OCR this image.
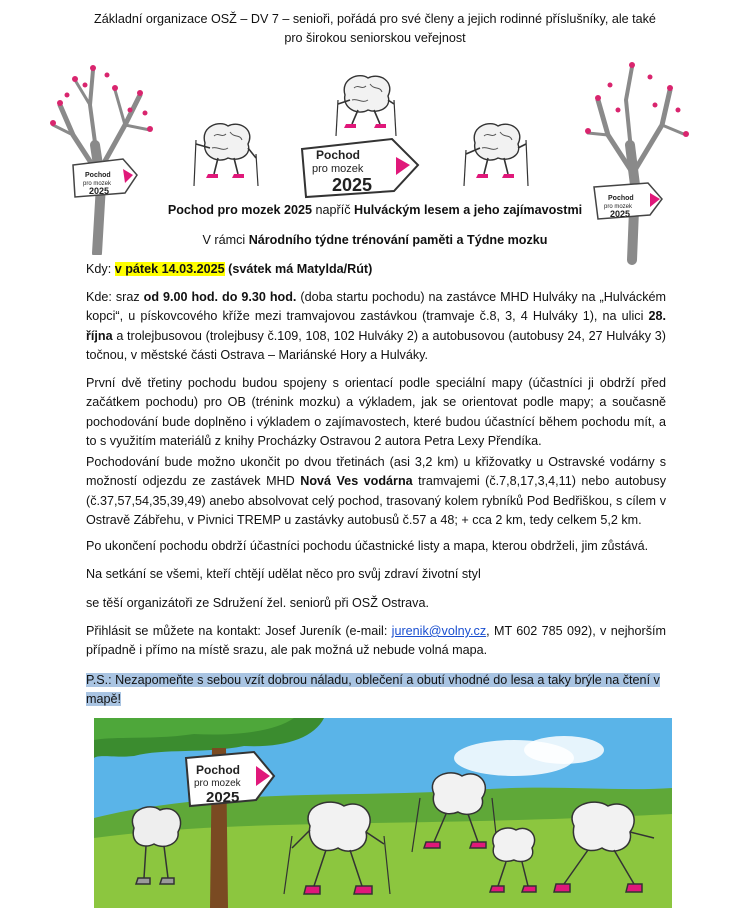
Základní organizace OSŽ – DV 7 – senioři, pořádá pro své členy a jejich rodinné příslušníky, ale také
pro širokou seniorskou veřejnost
Pochod
pro mozek
2025
Pochod
pro mozek
2025
Pochod
pro mozek
2025
Pochod pro mozek 2025 napříč Hulváckým lesem a jeho zajímavostmi
V rámci Národního týdne trénování paměti a Týdne mozku
Kdy: v pátek 14.03.2025 (svátek má Matylda/Rút)
Kde: sraz od 9.00 hod. do 9.30 hod. (doba startu pochodu) na zastávce MHD Hulváky na „Hulváckém kopci“, u pískovcového kříže mezi tramvajovou zastávkou (tramvaje č.8, 3, 4 Hulváky 1), na ulici 28. října a trolejbusovou (trolejbusy č.109, 108, 102 Hulváky 2) a autobusovou (autobusy 24, 27 Hulváky 3) točnou, v městské části Ostrava – Mariánské Hory a Hulváky.
První dvě třetiny pochodu budou spojeny s orientací podle speciální mapy (účastníci ji obdrží před začátkem pochodu) pro OB (trénink mozku) a výkladem, jak se orientovat podle mapy; a současně pochodování bude doplněno i výkladem o zajímavostech, které budou účastnící během pochodu mít, a to s využitím materiálů z knihy Procházky Ostravou 2 autora Petra Lexy Přendíka.
Pochodování bude možno ukončit po dvou třetinách (asi 3,2 km) u křižovatky u Ostravské vodárny s možností odjezdu ze zastávek MHD Nová Ves vodárna tramvajemi (č.7,8,17,3,4,11) nebo autobusy (č.37,57,54,35,39,49) anebo absolvovat celý pochod, trasovaný kolem rybníků Pod Bedřiškou, s cílem v Ostravě Zábřehu, v Pivnici TREMP u zastávky autobusů č.57 a 48; + cca 2 km, tedy celkem 5,2 km.
Po ukončení pochodu obdrží účastníci pochodu účastnické listy a mapa, kterou obdrželi, jim zůstává.
Na setkání se všemi, kteří chtějí udělat něco pro svůj zdraví životní styl
se těší organizátoři ze Sdružení žel. seniorů při OSŽ Ostrava.
Přihlásit se můžete na kontakt: Josef Jureník (e-mail: jurenik@volny.cz, MT 602 785 092), v nejhorším případně i přímo na místě srazu, ale pak možná už nebude volná mapa.
P.S.: Nezapomeňte s sebou vzít dobrou náladu, oblečení a obutí vhodné do lesa a taky brýle na čtení v mapě!
Pochod
pro mozek
2025
